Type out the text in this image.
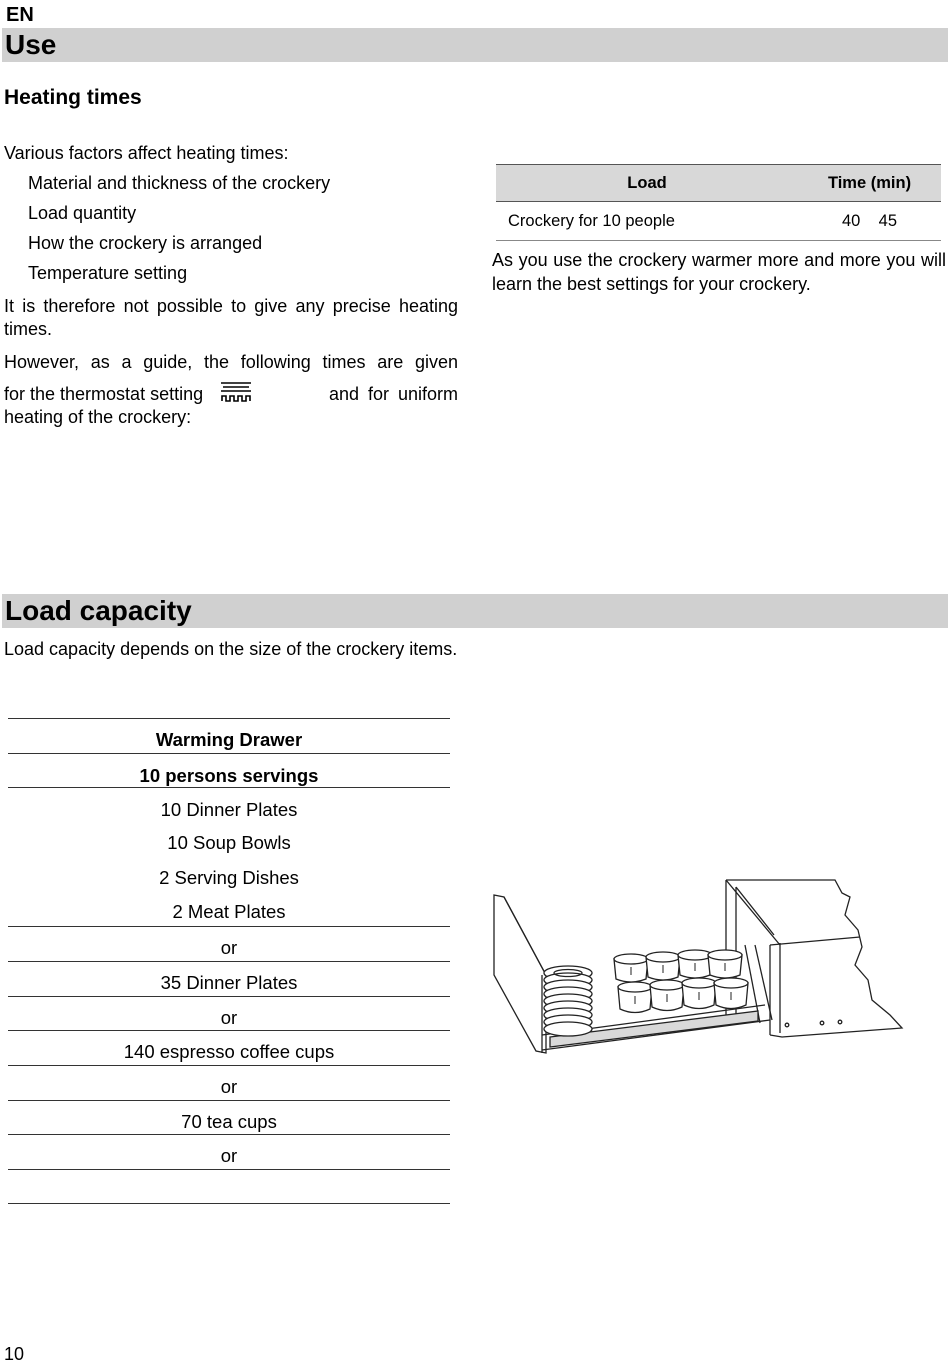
EN
Use
Heating times
Various factors affect heating times:
Material and thickness of the crockery
Load quantity
How the crockery is arranged
Temperature setting
It is therefore not possible to give any precise heating times.
However, as a guide, the following times are given
for the thermostat setting	and for uniform
heating of the crockery:
Load	Time (min)
Crockery for 10 people	40    45
As you use the crockery warmer more and more you will learn the best settings for your crockery.
Load capacity
Load capacity depends on the size of the crockery items.
Warming Drawer
10 persons servings
10 Dinner Plates
10 Soup Bowls
2 Serving Dishes
2 Meat Plates
or
35 Dinner Plates
or
140 espresso coffee cups
or
70 tea cups
or
10
